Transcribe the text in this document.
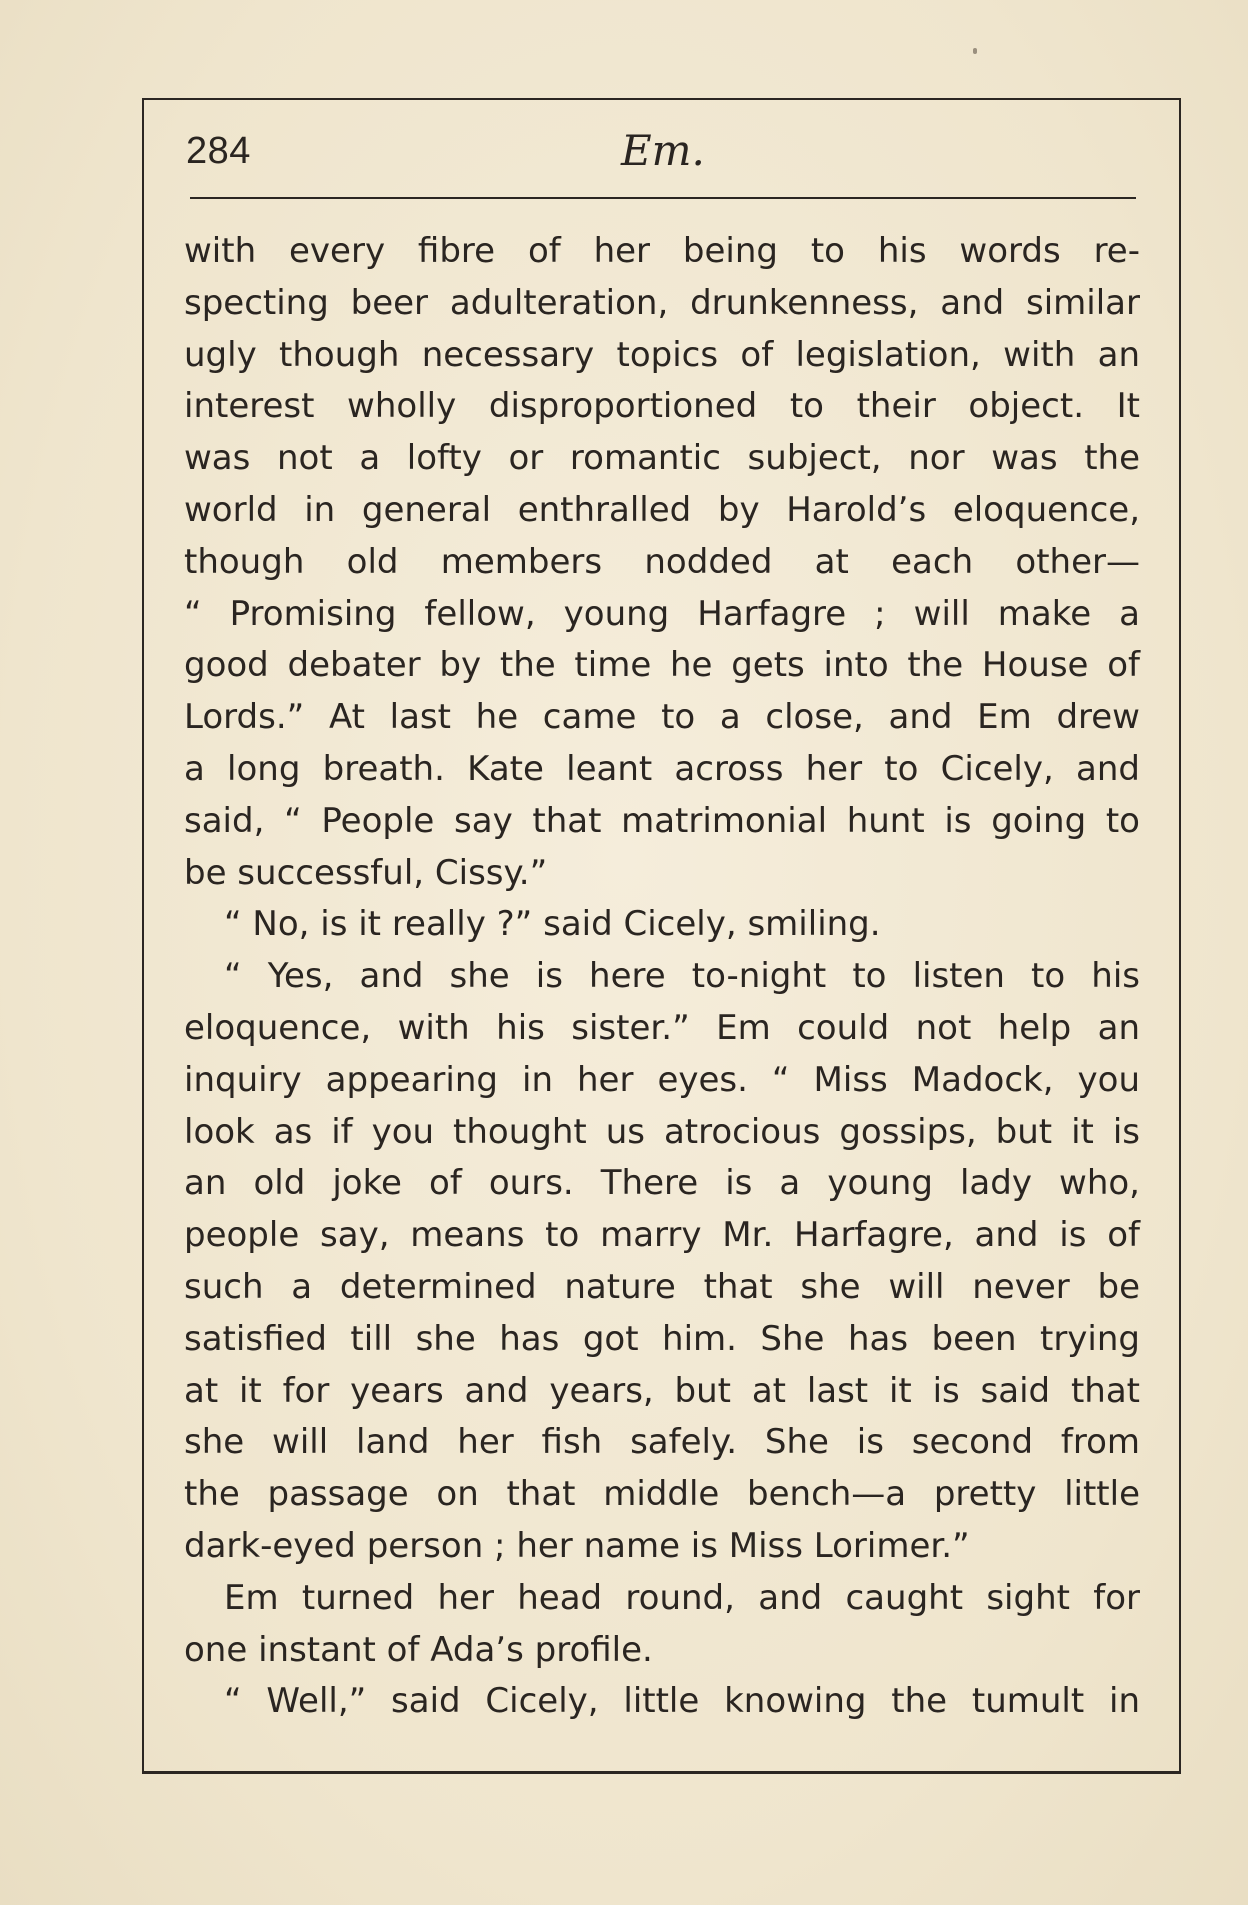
284	Em.
with every fibre of her being to his words re-
specting beer adulteration, drunkenness, and similar
ugly though necessary topics of legislation, with an
interest wholly disproportioned to their object. It
was not a lofty or romantic subject, nor was the
world in general enthralled by Harold’s eloquence,
though old members nodded at each other—
“ Promising fellow, young Harfagre ; will make a
good debater by the time he gets into the House of
Lords.” At last he came to a close, and Em drew
a long breath. Kate leant across her to Cicely, and
said, “ People say that matrimonial hunt is going to
be successful, Cissy.”
“ No, is it really ?” said Cicely, smiling.
“ Yes, and she is here to-night to listen to his
eloquence, with his sister.” Em could not help an
inquiry appearing in her eyes. “ Miss Madock, you
look as if you thought us atrocious gossips, but it is
an old joke of ours. There is a young lady who,
people say, means to marry Mr. Harfagre, and is of
such a determined nature that she will never be
satisfied till she has got him. She has been trying
at it for years and years, but at last it is said that
she will land her fish safely. She is second from
the passage on that middle bench—a pretty little
dark-eyed person ; her name is Miss Lorimer.”
Em turned her head round, and caught sight for
one instant of Ada’s profile.
“ Well,” said Cicely, little knowing the tumult in
